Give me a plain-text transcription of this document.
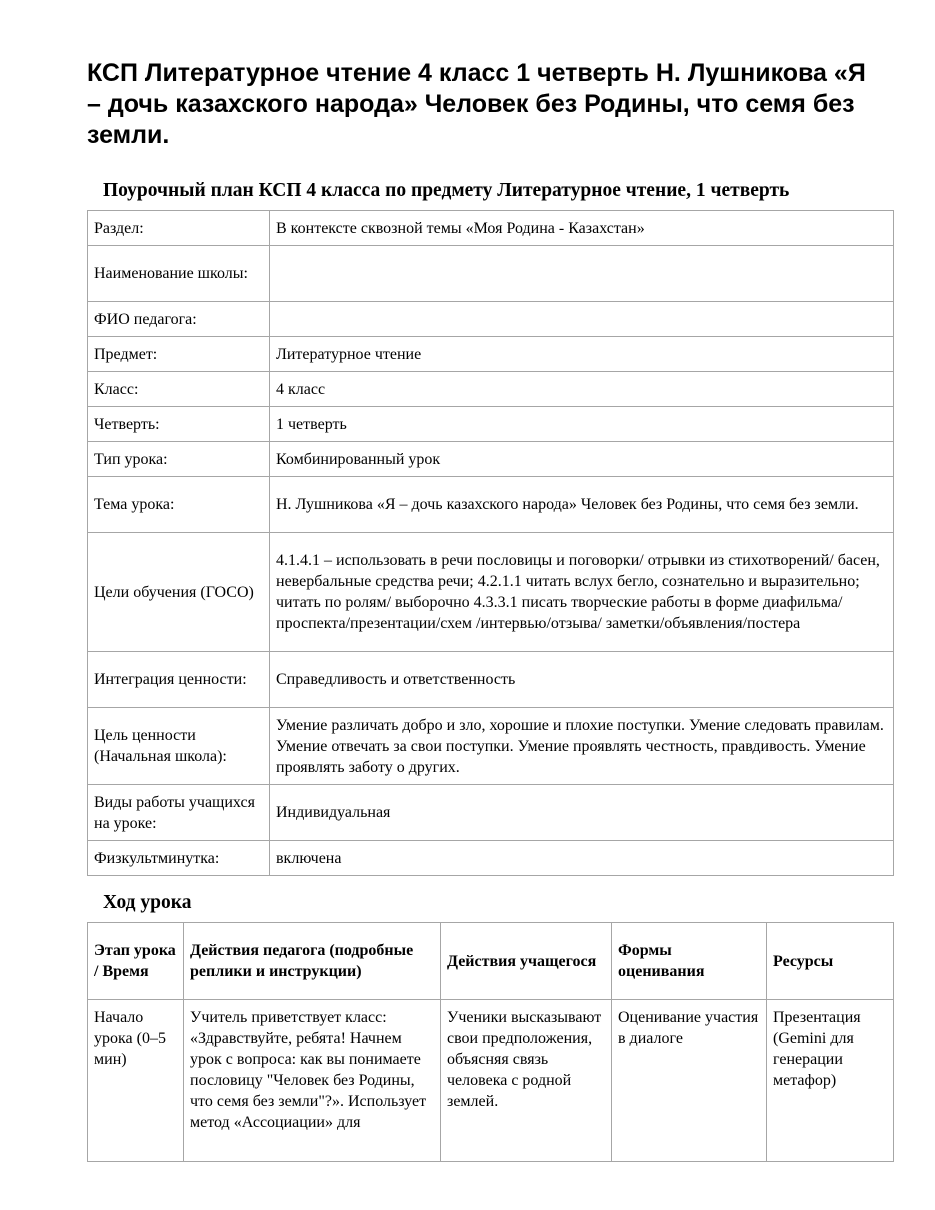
КСП Литературное чтение 4 класс 1 четверть Н. Лушникова «Я – дочь казахского народа» Человек без Родины, что семя без земли.
Поурочный план КСП 4 класса по предмету Литературное чтение, 1 четверть
Раздел:	В контексте сквозной темы «Моя Родина - Казахстан»
Наименование школы:	
ФИО педагога:	
Предмет:	Литературное чтение
Класс:	4 класс
Четверть:	1 четверть
Тип урока:	Комбинированный урок
Тема урока:	Н. Лушникова «Я – дочь казахского народа» Человек без Родины, что семя без земли.
Цели обучения (ГОСО)	4.1.4.1 – использовать в речи пословицы и поговорки/ отрывки из стихотворений/ басен, невербальные средства речи; 4.2.1.1 читать вслух бегло, сознательно и выразительно; читать по ролям/ выборочно 4.3.3.1 писать творческие работы в форме диафильма/ проспекта/презентации/схем /интервью/отзыва/ заметки/объявления/постера
Интеграция ценности:	Справедливость и ответственность
Цель ценности (Начальная школа):	Умение различать добро и зло, хорошие и плохие поступки. Умение следовать правилам. Умение отвечать за свои поступки. Умение проявлять честность, правдивость. Умение проявлять заботу о других.
Виды работы учащихся на уроке:	Индивидуальная
Физкультминутка:	включена
Ход урока
Этап урока / Время	Действия педагога (подробные реплики и инструкции)	Действия учащегося	Формы оценивания	Ресурсы

Начало урока (0–5 мин)	Учитель приветствует класс: «Здравствуйте, ребята! Начнем урок с вопроса: как вы понимаете пословицу "Человек без Родины, что семя без земли"?». Использует метод «Ассоциации» для	Ученики высказывают свои предположения, объясняя связь человека с родной землей.	Оценивание участия в диалоге	Презентация (Gemini для генерации метафор)
